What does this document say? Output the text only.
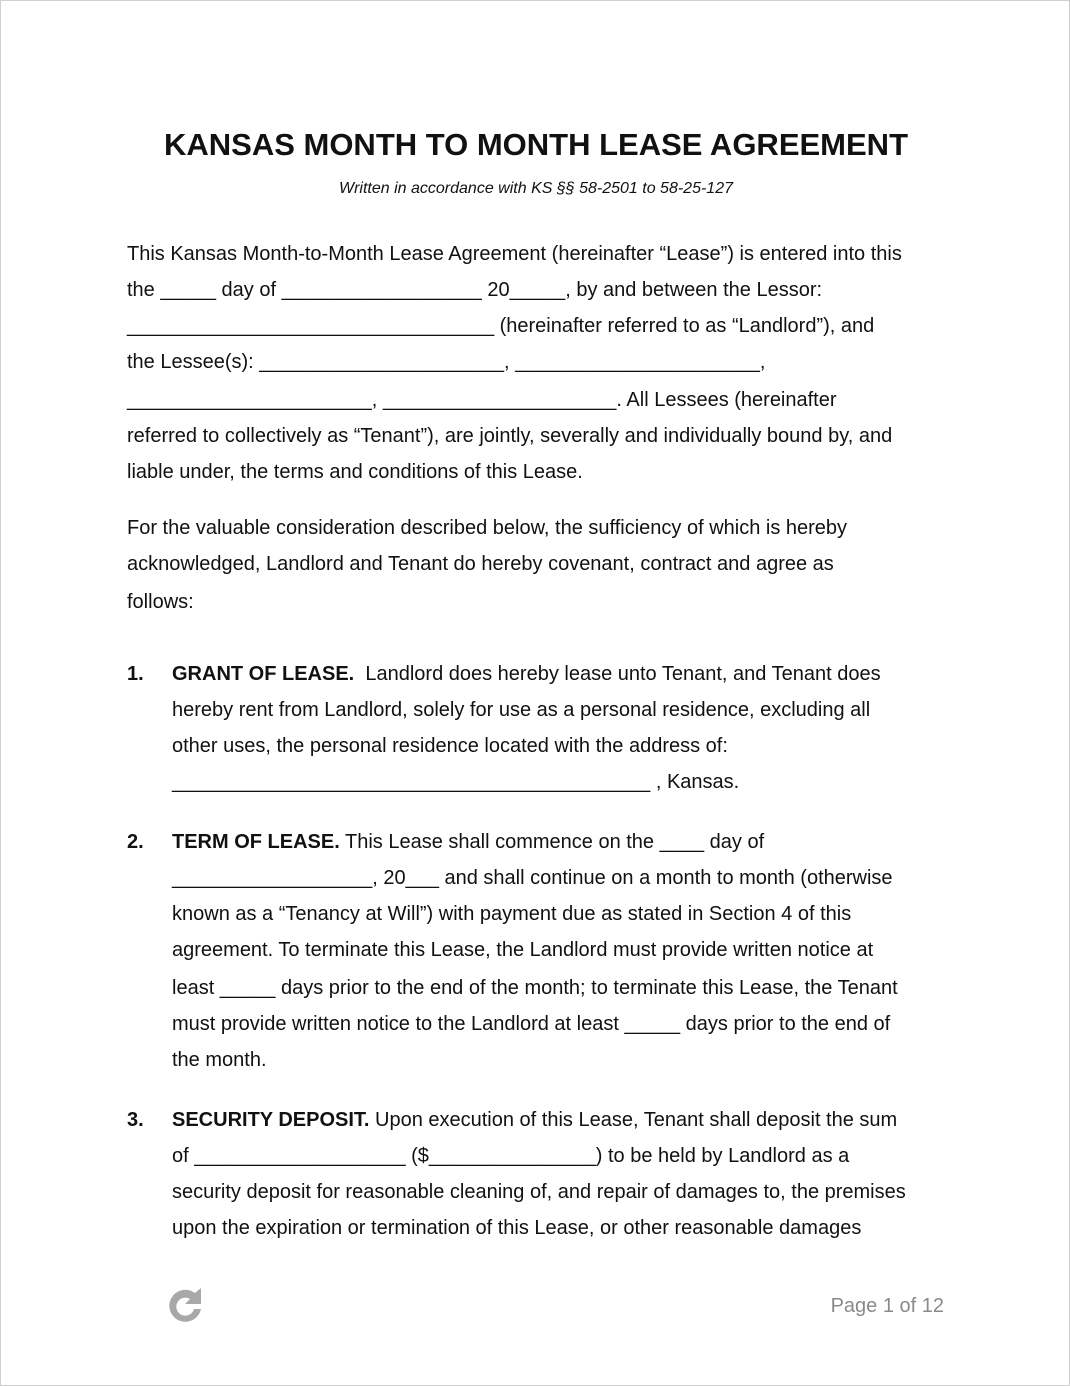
KANSAS MONTH TO MONTH LEASE AGREEMENT

Written in accordance with KS §§ 58-2501 to 58-25-127

This Kansas Month-to-Month Lease Agreement (hereinafter “Lease”) is entered into this

the _____ day of __________________ 20_____, by and between the Lessor:

_________________________________ (hereinafter referred to as “Landlord”), and

the Lessee(s): ______________________, ______________________,

______________________, _____________________. All Lessees (hereinafter

referred to collectively as “Tenant”), are jointly, severally and individually bound by, and

liable under, the terms and conditions of this Lease.

For the valuable consideration described below, the sufficiency of which is hereby

acknowledged, Landlord and Tenant do hereby covenant, contract and agree as

follows:

1. GRANT OF LEASE.  Landlord does hereby lease unto Tenant, and Tenant does

hereby rent from Landlord, solely for use as a personal residence, excluding all

other uses, the personal residence located with the address of:

___________________________________________ , Kansas.

2. TERM OF LEASE. This Lease shall commence on the ____ day of

__________________, 20___ and shall continue on a month to month (otherwise

known as a “Tenancy at Will”) with payment due as stated in Section 4 of this

agreement. To terminate this Lease, the Landlord must provide written notice at

least _____ days prior to the end of the month; to terminate this Lease, the Tenant

must provide written notice to the Landlord at least _____ days prior to the end of

the month.

3. SECURITY DEPOSIT. Upon execution of this Lease, Tenant shall deposit the sum

of ___________________ ($_______________) to be held by Landlord as a

security deposit for reasonable cleaning of, and repair of damages to, the premises

upon the expiration or termination of this Lease, or other reasonable damages

Page 1 of 12
